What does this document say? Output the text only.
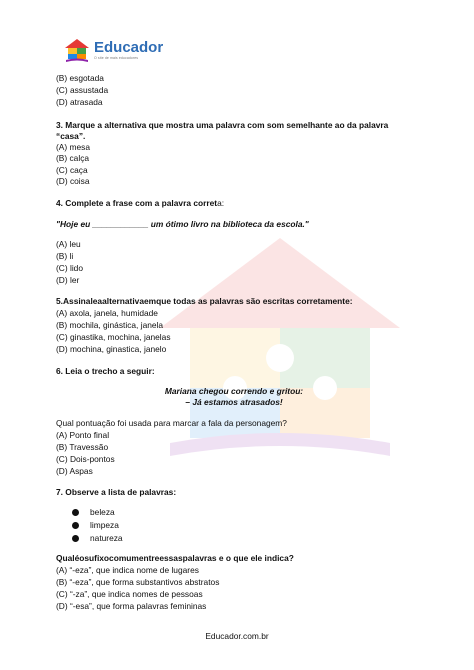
Educador
O site de mais educadores
(B) esgotada
(C) assustada
(D) atrasada
3. Marque a alternativa que mostra uma palavra com som semelhante ao da palavra
“casa”.
(A) mesa
(B) calça
(C) caça
(D) coisa
4. Complete a frase com a palavra correta:
"Hoje eu ____________ um ótimo livro na biblioteca da escola."
(A) leu
(B) li
(C) lido
(D) ler
5.Assinaleaalternativaemque todas as palavras são escritas corretamente:
(A) axola, janela, humidade
(B) mochila, ginástica, janela
(C) ginastika, mochina, janelas
(D) mochina, ginastica, janelo
6. Leia o trecho a seguir:
Mariana chegou correndo e gritou:
– Já estamos atrasados!
Qual pontuação foi usada para marcar a fala da personagem?
(A) Ponto final
(B) Travessão
(C) Dois-pontos
(D) Aspas
7. Observe a lista de palavras:
beleza
limpeza
natureza
Qualéosufixocomumentreessaspalavras e o que ele indica?
(A) “-eza”, que indica nome de lugares
(B) “-eza”, que forma substantivos abstratos
(C) “-za”, que indica nomes de pessoas
(D) “-esa”, que forma palavras femininas
Educador.com.br
